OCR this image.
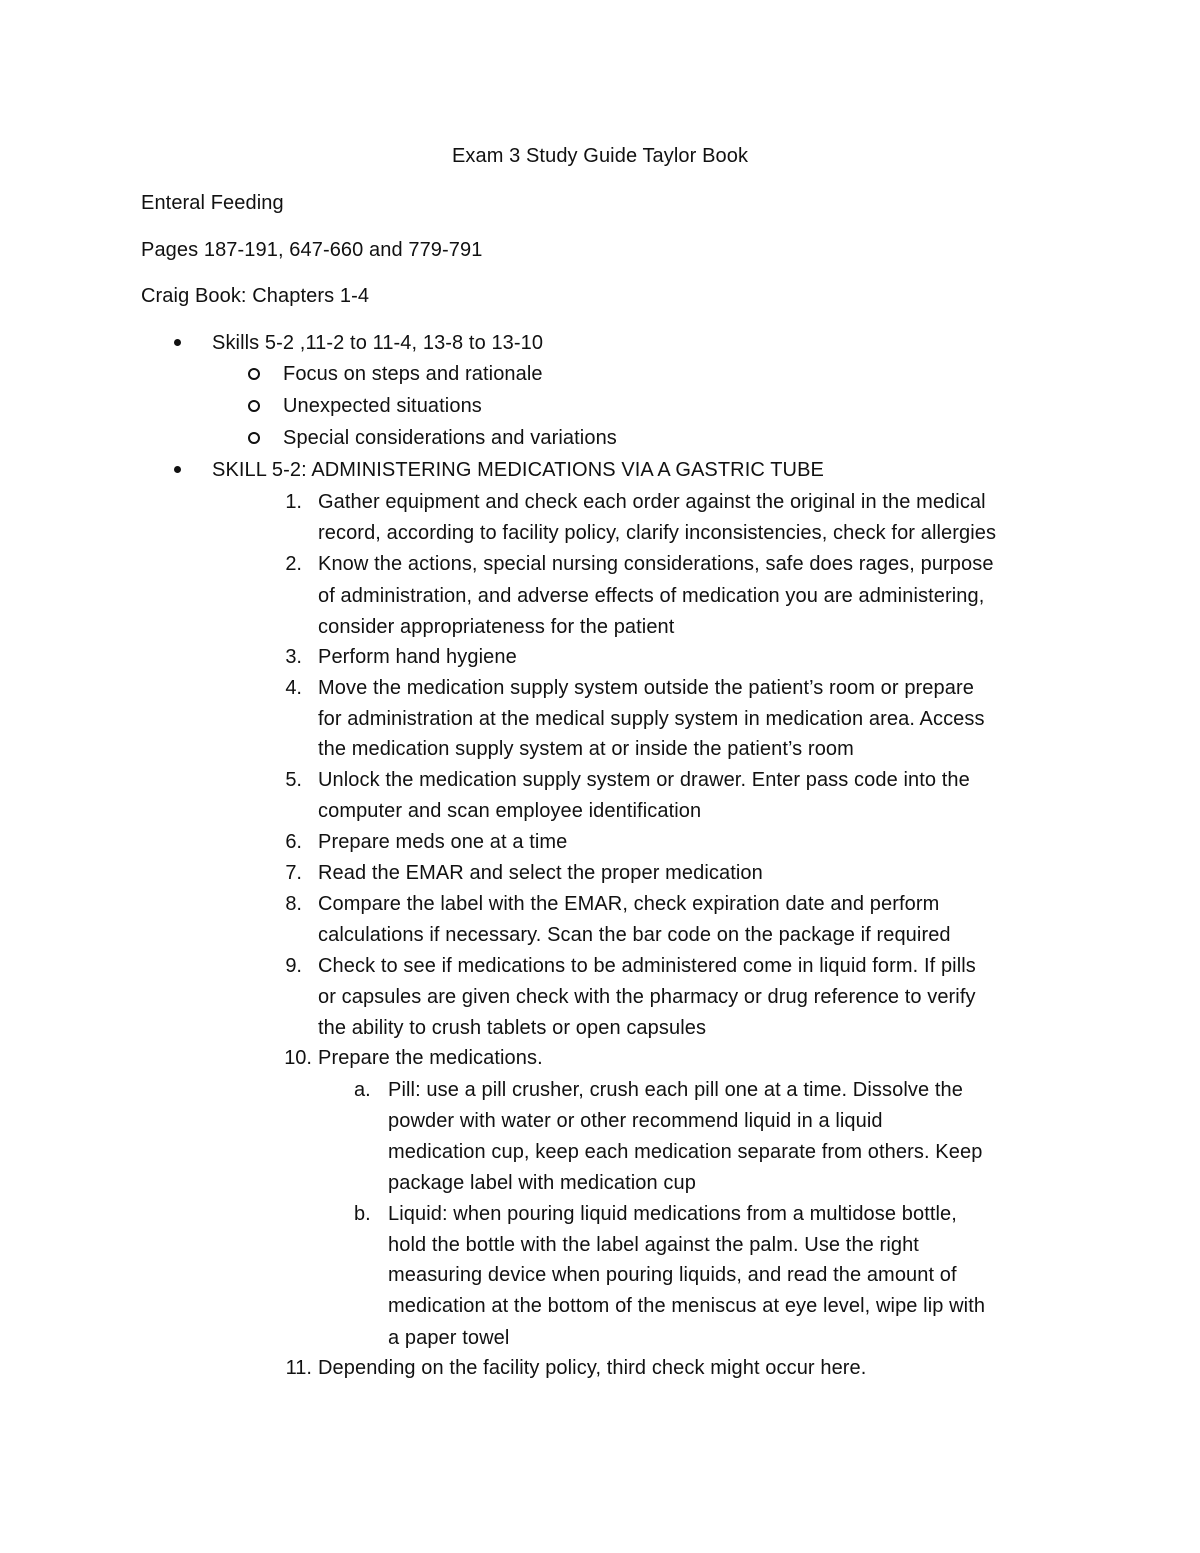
Exam 3 Study Guide Taylor Book
Enteral Feeding
Pages 187-191, 647-660 and 779-791
Craig Book: Chapters 1-4
Skills 5-2 ,11-2 to 11-4, 13-8 to 13-10
Focus on steps and rationale
Unexpected situations
Special considerations and variations
SKILL 5-2: ADMINISTERING MEDICATIONS VIA A GASTRIC TUBE
1. Gather equipment and check each order against the original in the medical
record, according to facility policy, clarify inconsistencies, check for allergies
2. Know the actions, special nursing considerations, safe does rages, purpose
of administration, and adverse effects of medication you are administering,
consider appropriateness for the patient
3. Perform hand hygiene
4. Move the medication supply system outside the patient’s room or prepare
for administration at the medical supply system in medication area. Access
the medication supply system at or inside the patient’s room
5. Unlock the medication supply system or drawer. Enter pass code into the
computer and scan employee identification
6. Prepare meds one at a time
7. Read the EMAR and select the proper medication
8. Compare the label with the EMAR, check expiration date and perform
calculations if necessary. Scan the bar code on the package if required
9. Check to see if medications to be administered come in liquid form. If pills
or capsules are given check with the pharmacy or drug reference to verify
the ability to crush tablets or open capsules
10. Prepare the medications.
a. Pill: use a pill crusher, crush each pill one at a time. Dissolve the
powder with water or other recommend liquid in a liquid
medication cup, keep each medication separate from others. Keep
package label with medication cup
b. Liquid: when pouring liquid medications from a multidose bottle,
hold the bottle with the label against the palm. Use the right
measuring device when pouring liquids, and read the amount of
medication at the bottom of the meniscus at eye level, wipe lip with
a paper towel
11. Depending on the facility policy, third check might occur here.
